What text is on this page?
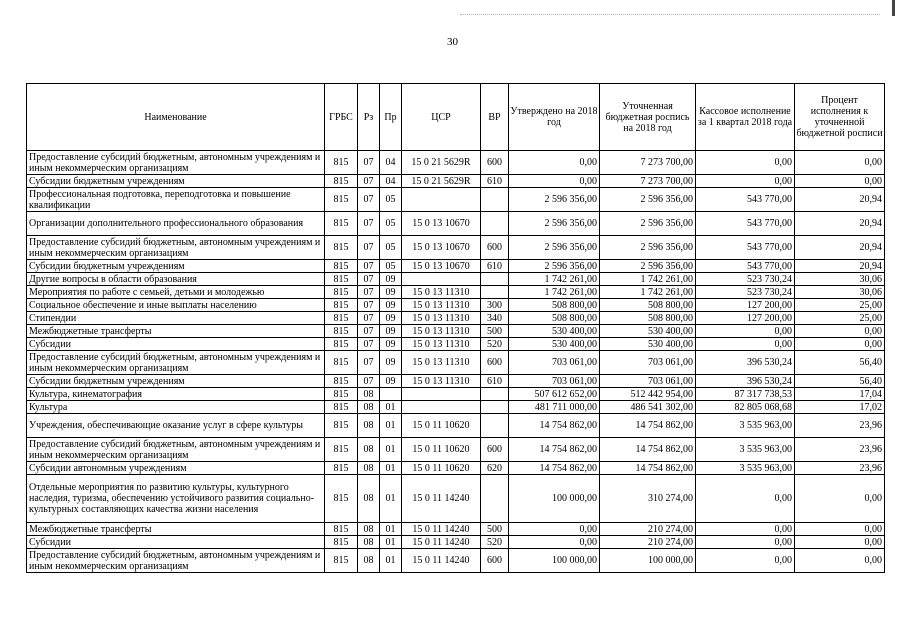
30
Наименование	ГРБС	Рз	Пр	ЦСР	ВР	Утверждено на 2018 год	Уточненная бюджетная роспись на 2018 год	Кассовое исполнение за 1 квартал 2018 года	Процент исполнения к уточненной бюджетной росписи
Предоставление субсидий бюджетным, автономным учреждениям и иным некоммерческим организациям	815	07	04	15 0 21 5629R	600	0,00	7 273 700,00	0,00	0,00
Субсидии бюджетным учреждениям	815	07	04	15 0 21 5629R	610	0,00	7 273 700,00	0,00	0,00
Профессиональная подготовка, переподготовка и повышение квалификации	815	07	05			2 596 356,00	2 596 356,00	543 770,00	20,94
Организации дополнительного профессионального образования	815	07	05	15 0 13 10670		2 596 356,00	2 596 356,00	543 770,00	20,94
Предоставление субсидий бюджетным, автономным учреждениям и иным некоммерческим организациям	815	07	05	15 0 13 10670	600	2 596 356,00	2 596 356,00	543 770,00	20,94
Субсидии бюджетным учреждениям	815	07	05	15 0 13 10670	610	2 596 356,00	2 596 356,00	543 770,00	20,94
Другие вопросы в области образования	815	07	09			1 742 261,00	1 742 261,00	523 730,24	30,06
Мероприятия по работе с семьей, детьми и молодежью	815	07	09	15 0 13 11310		1 742 261,00	1 742 261,00	523 730,24	30,06
Социальное обеспечение и иные выплаты населению	815	07	09	15 0 13 11310	300	508 800,00	508 800,00	127 200,00	25,00
Стипендии	815	07	09	15 0 13 11310	340	508 800,00	508 800,00	127 200,00	25,00
Межбюджетные трансферты	815	07	09	15 0 13 11310	500	530 400,00	530 400,00	0,00	0,00
Субсидии	815	07	09	15 0 13 11310	520	530 400,00	530 400,00	0,00	0,00
Предоставление субсидий бюджетным, автономным учреждениям и иным некоммерческим организациям	815	07	09	15 0 13 11310	600	703 061,00	703 061,00	396 530,24	56,40
Субсидии бюджетным учреждениям	815	07	09	15 0 13 11310	610	703 061,00	703 061,00	396 530,24	56,40
Культура, кинематография	815	08				507 612 652,00	512 442 954,00	87 317 738,53	17,04
Культура	815	08	01			481 711 000,00	486 541 302,00	82 805 068,68	17,02
Учреждения, обеспечивающие оказание услуг в сфере культуры	815	08	01	15 0 11 10620		14 754 862,00	14 754 862,00	3 535 963,00	23,96
Предоставление субсидий бюджетным, автономным учреждениям и иным некоммерческим организациям	815	08	01	15 0 11 10620	600	14 754 862,00	14 754 862,00	3 535 963,00	23,96
Субсидии автономным учреждениям	815	08	01	15 0 11 10620	620	14 754 862,00	14 754 862,00	3 535 963,00	23,96
Отдельные мероприятия по развитию культуры, культурного наследия, туризма, обеспечению устойчивого развития социально-культурных составляющих качества жизни населения	815	08	01	15 0 11 14240		100 000,00	310 274,00	0,00	0,00
Межбюджетные трансферты	815	08	01	15 0 11 14240	500	0,00	210 274,00	0,00	0,00
Субсидии	815	08	01	15 0 11 14240	520	0,00	210 274,00	0,00	0,00
Предоставление субсидий бюджетным, автономным учреждениям и иным некоммерческим организациям	815	08	01	15 0 11 14240	600	100 000,00	100 000,00	0,00	0,00
